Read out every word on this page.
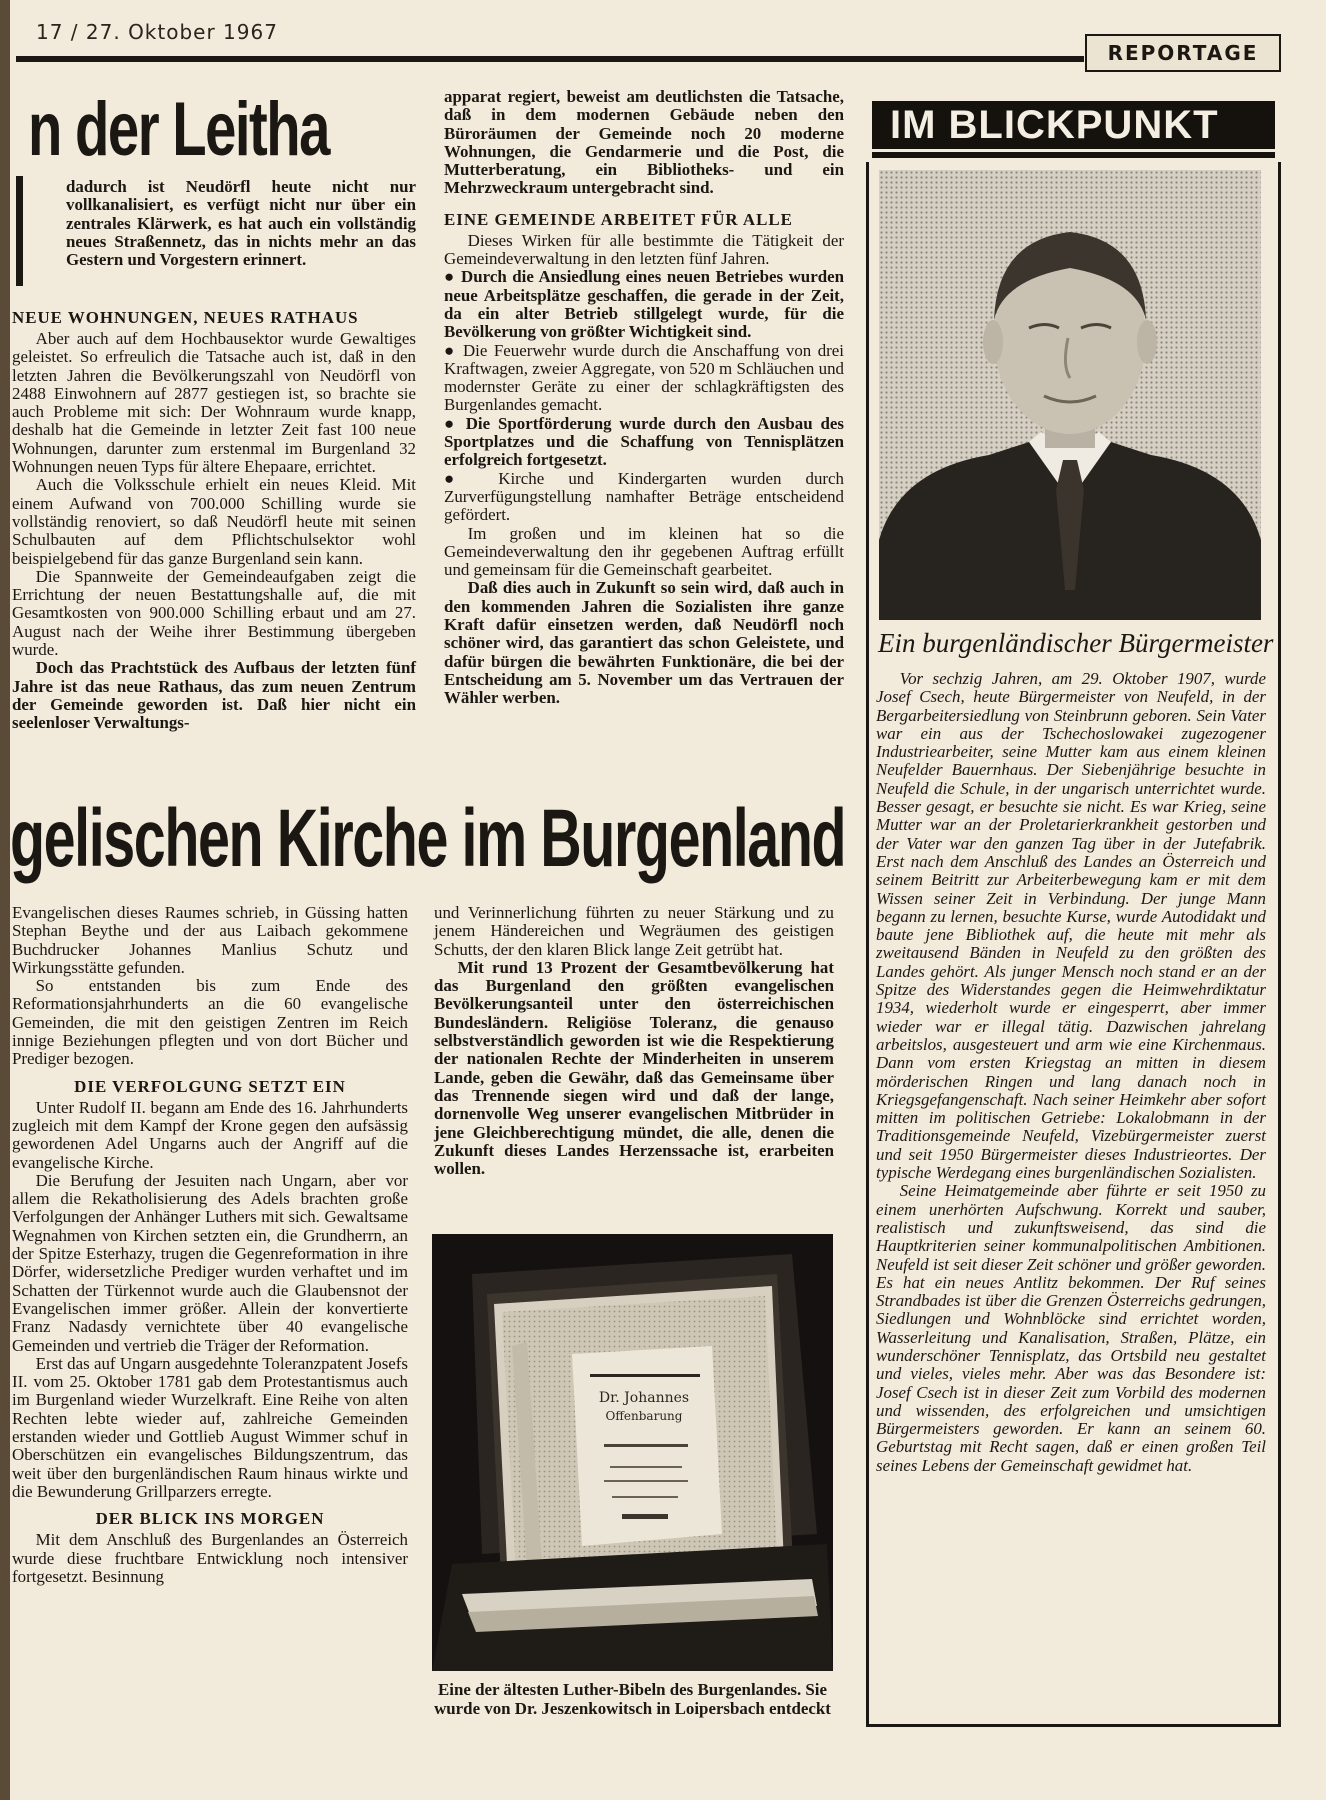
17 / 27. Oktober 1967
REPORTAGE
n der Leitha

dadurch ist Neudörfl heute nicht nur vollkanalisiert, es verfügt nicht nur über ein zentrales Klärwerk, es hat auch ein vollständig neues Straßennetz, das in nichts mehr an das Gestern und Vorgestern erinnert.

NEUE WOHNUNGEN, NEUES RATHAUS

Aber auch auf dem Hochbausektor wurde Gewaltiges geleistet. So erfreulich die Tatsache auch ist, daß in den letzten Jahren die Bevölkerungszahl von Neudörfl von 2488 Einwohnern auf 2877 gestiegen ist, so brachte sie auch Probleme mit sich: Der Wohnraum wurde knapp, deshalb hat die Gemeinde in letzter Zeit fast 100 neue Wohnungen, darunter zum erstenmal im Burgenland 32 Wohnungen neuen Typs für ältere Ehepaare, errichtet.

Auch die Volksschule erhielt ein neues Kleid. Mit einem Aufwand von 700.000 Schilling wurde sie vollständig renoviert, so daß Neudörfl heute mit seinen Schulbauten auf dem Pflichtschulsektor wohl beispielgebend für das ganze Burgenland sein kann.

Die Spannweite der Gemeindeaufgaben zeigt die Errichtung der neuen Bestattungshalle auf, die mit Gesamtkosten von 900.000 Schilling erbaut und am 27. August nach der Weihe ihrer Bestimmung übergeben wurde.

Doch das Prachtstück des Aufbaus der letzten fünf Jahre ist das neue Rathaus, das zum neuen Zentrum der Gemeinde geworden ist. Daß hier nicht ein seelenloser Verwaltungs-

apparat regiert, beweist am deutlichsten die Tatsache, daß in dem modernen Gebäude neben den Büroräumen der Gemeinde noch 20 moderne Wohnungen, die Gendarmerie und die Post, die Mutterberatung, ein Bibliotheks- und ein Mehrzweckraum untergebracht sind.

EINE GEMEINDE ARBEITET FÜR ALLE

Dieses Wirken für alle bestimmte die Tätigkeit der Gemeindeverwaltung in den letzten fünf Jahren.

● Durch die Ansiedlung eines neuen Betriebes wurden neue Arbeitsplätze geschaffen, die gerade in der Zeit, da ein alter Betrieb stillgelegt wurde, für die Bevölkerung von größter Wichtigkeit sind.

● Die Feuerwehr wurde durch die Anschaffung von drei Kraftwagen, zweier Aggregate, von 520 m Schläuchen und modernster Geräte zu einer der schlagkräftigsten des Burgenlandes gemacht.

● Die Sportförderung wurde durch den Ausbau des Sportplatzes und die Schaffung von Tennisplätzen erfolgreich fortgesetzt.

● Kirche und Kindergarten wurden durch Zurverfügungstellung namhafter Beträge entscheidend gefördert.

Im großen und im kleinen hat so die Gemeindeverwaltung den ihr gegebenen Auftrag erfüllt und gemeinsam für die Gemeinschaft gearbeitet.

Daß dies auch in Zukunft so sein wird, daß auch in den kommenden Jahren die Sozialisten ihre ganze Kraft dafür einsetzen werden, daß Neudörfl noch schöner wird, das garantiert das schon Geleistete, und dafür bürgen die bewährten Funktionäre, die bei der Entscheidung am 5. November um das Vertrauen der Wähler werben.

gelischen Kirche im Burgenland

Evangelischen dieses Raumes schrieb, in Güssing hatten Stephan Beythe und der aus Laibach gekommene Buchdrucker Johannes Manlius Schutz und Wirkungsstätte gefunden.

So entstanden bis zum Ende des Reformationsjahrhunderts an die 60 evangelische Gemeinden, die mit den geistigen Zentren im Reich innige Beziehungen pflegten und von dort Bücher und Prediger bezogen.

DIE VERFOLGUNG SETZT EIN

Unter Rudolf II. begann am Ende des 16. Jahrhunderts zugleich mit dem Kampf der Krone gegen den aufsässig gewordenen Adel Ungarns auch der Angriff auf die evangelische Kirche.

Die Berufung der Jesuiten nach Ungarn, aber vor allem die Rekatholisierung des Adels brachten große Verfolgungen der Anhänger Luthers mit sich. Gewaltsame Wegnahmen von Kirchen setzten ein, die Grundherrn, an der Spitze Esterhazy, trugen die Gegenreformation in ihre Dörfer, widersetzliche Prediger wurden verhaftet und im Schatten der Türkennot wurde auch die Glaubensnot der Evangelischen immer größer. Allein der konvertierte Franz Nadasdy vernichtete über 40 evangelische Gemeinden und vertrieb die Träger der Reformation.

Erst das auf Ungarn ausgedehnte Toleranzpatent Josefs II. vom 25. Oktober 1781 gab dem Protestantismus auch im Burgenland wieder Wurzelkraft. Eine Reihe von alten Rechten lebte wieder auf, zahlreiche Gemeinden erstanden wieder und Gottlieb August Wimmer schuf in Oberschützen ein evangelisches Bildungszentrum, das weit über den burgenländischen Raum hinaus wirkte und die Bewunderung Grillparzers erregte.

DER BLICK INS MORGEN

Mit dem Anschluß des Burgenlandes an Österreich wurde diese fruchtbare Entwicklung noch intensiver fortgesetzt. Besinnung

und Verinnerlichung führten zu neuer Stärkung und zu jenem Händereichen und Wegräumen des geistigen Schutts, der den klaren Blick lange Zeit getrübt hat.

Mit rund 13 Prozent der Gesamtbevölkerung hat das Burgenland den größten evangelischen Bevölkerungsanteil unter den österreichischen Bundesländern. Religiöse Toleranz, die genauso selbstverständlich geworden ist wie die Respektierung der nationalen Rechte der Minderheiten in unserem Lande, geben die Gewähr, daß das Gemeinsame über das Trennende siegen wird und daß der lange, dornenvolle Weg unserer evangelischen Mitbrüder in jene Gleichberechtigung mündet, die alle, denen die Zukunft dieses Landes Herzenssache ist, erarbeiten wollen.

Dr. Johannes
Offenbarung
Eine der ältesten Luther-Bibeln des Burgenlandes. Sie wurde von Dr. Jeszenkowitsch in Loipersbach entdeckt
IM BLICKPUNKT
Ein burgenländischer Bürgermeister

Vor sechzig Jahren, am 29. Oktober 1907, wurde Josef Csech, heute Bürgermeister von Neufeld, in der Bergarbeitersiedlung von Steinbrunn geboren. Sein Vater war ein aus der Tschechoslowakei zugezogener Industriearbeiter, seine Mutter kam aus einem kleinen Neufelder Bauernhaus. Der Siebenjährige besuchte in Neufeld die Schule, in der ungarisch unterrichtet wurde. Besser gesagt, er besuchte sie nicht. Es war Krieg, seine Mutter war an der Proletarierkrankheit gestorben und der Vater war den ganzen Tag über in der Jutefabrik. Erst nach dem Anschluß des Landes an Österreich und seinem Beitritt zur Arbeiterbewegung kam er mit dem Wissen seiner Zeit in Verbindung. Der junge Mann begann zu lernen, besuchte Kurse, wurde Autodidakt und baute jene Bibliothek auf, die heute mit mehr als zweitausend Bänden in Neufeld zu den größten des Landes gehört. Als junger Mensch noch stand er an der Spitze des Widerstandes gegen die Heimwehrdiktatur 1934, wiederholt wurde er eingesperrt, aber immer wieder war er illegal tätig. Dazwischen jahrelang arbeitslos, ausgesteuert und arm wie eine Kirchenmaus. Dann vom ersten Kriegstag an mitten in diesem mörderischen Ringen und lang danach noch in Kriegsgefangenschaft. Nach seiner Heimkehr aber sofort mitten im politischen Getriebe: Lokalobmann in der Traditionsgemeinde Neufeld, Vizebürgermeister zuerst und seit 1950 Bürgermeister dieses Industrieortes. Der typische Werdegang eines burgenländischen Sozialisten.

Seine Heimatgemeinde aber führte er seit 1950 zu einem unerhörten Aufschwung. Korrekt und sauber, realistisch und zukunftsweisend, das sind die Hauptkriterien seiner kommunalpolitischen Ambitionen. Neufeld ist seit dieser Zeit schöner und größer geworden. Es hat ein neues Antlitz bekommen. Der Ruf seines Strandbades ist über die Grenzen Österreichs gedrungen, Siedlungen und Wohnblöcke sind errichtet worden, Wasserleitung und Kanalisation, Straßen, Plätze, ein wunderschöner Tennisplatz, das Ortsbild neu gestaltet und vieles, vieles mehr. Aber was das Besondere ist: Josef Csech ist in dieser Zeit zum Vorbild des modernen und wissenden, des erfolgreichen und umsichtigen Bürgermeisters geworden. Er kann an seinem 60. Geburtstag mit Recht sagen, daß er einen großen Teil seines Lebens der Gemeinschaft gewidmet hat.
